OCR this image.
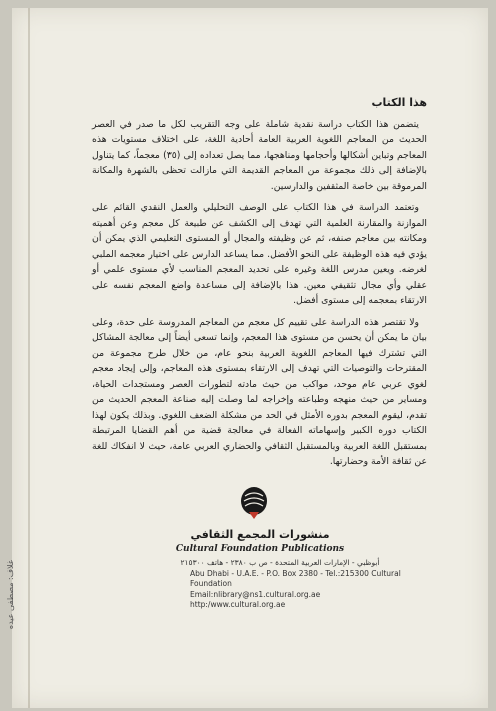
غلاف: مصطفى عيده
هذا الكتاب

يتضمن هذا الكتاب دراسة نقدية شاملة على وجه التقريب لكل ما صدر في العصر الحديث من المعاجم اللغوية العربية العامة أحادية اللغة، على اختلاف مستويات هذه المعاجم وتباين أشكالها وأحجامها ومناهجها، مما يصل تعداده إلى (٣٥) معجماً، كما يتناول بالإضافة إلى ذلك مجموعة من المعاجم القديمة التي مازالت تحظى بالشهرة والمكانة المرموقة بين خاصة المثقفين والدارسين.

وتعتمد الدراسة في هذا الكتاب على الوصف التحليلي والعمل النقدي القائم على الموازنة والمقارنة العلمية التي تهدف إلى الكشف عن طبيعة كل معجم وعن أهميته ومكانته بين معاجم صنفه، ثم عن وظيفته والمجال أو المستوى التعليمي الذي يمكن أن يؤدي فيه هذه الوظيفة على النحو الأفضل. مما يساعد الدارس على اختيار معجمه الملبي لغرضه. ويعين مدرس اللغة وغيره على تحديد المعجم المناسب لأي مستوى علمي أو عقلي وأي مجال تثقيفي معين. هذا بالإضافة إلى مساعدة واضع المعجم نفسه على الارتقاء بمعجمه إلى مستوى أفضل.

ولا تقتصر هذه الدراسة على تقييم كل معجم من المعاجم المدروسة على حدة، وعلى بيان ما يمكن أن يحسن من مستوى هذا المعجم، وإنما تسعى أيضاً إلى معالجة المشاكل التي تشترك فيها المعاجم اللغوية العربية بنحو عام، من خلال طرح مجموعة من المقترحات والتوصيات التي تهدف إلى الارتقاء بمستوى هذه المعاجم، وإلى إيجاد معجم لغوي عربي عام موحد، مواكب من حيث مادته لتطورات العصر ومستجدات الحياة، ومساير من حيث منهجه وطباعته وإخراجه لما وصلت إليه صناعة المعجم الحديث من تقدم، ليقوم المعجم بدوره الأمثل في الحد من مشكلة الضعف اللغوي. وبذلك يكون لهذا الكتاب دوره الكبير وإسهاماته الفعالة في معالجة قضية من أهم القضايا المرتبطة بمستقبل اللغة العربية وبالمستقبل الثقافي والحضاري العربي عامة، حيث لا انفكاك للغة عن ثقافة الأمة وحضارتها.

منشورات المجمع الثقافي
Cultural Foundation Publications
أبوظبي - الإمارات العربية المتحدة - ص ب ٢٣٨٠ - هاتف ٢١٥٣٠٠
Abu Dhabi - U.A.E. - P.O. Box 2380 - Tel.:215300 Cultural Foundation
Email:nlibrary@ns1.cultural.org.ae
http:/www.cultural.org.ae
